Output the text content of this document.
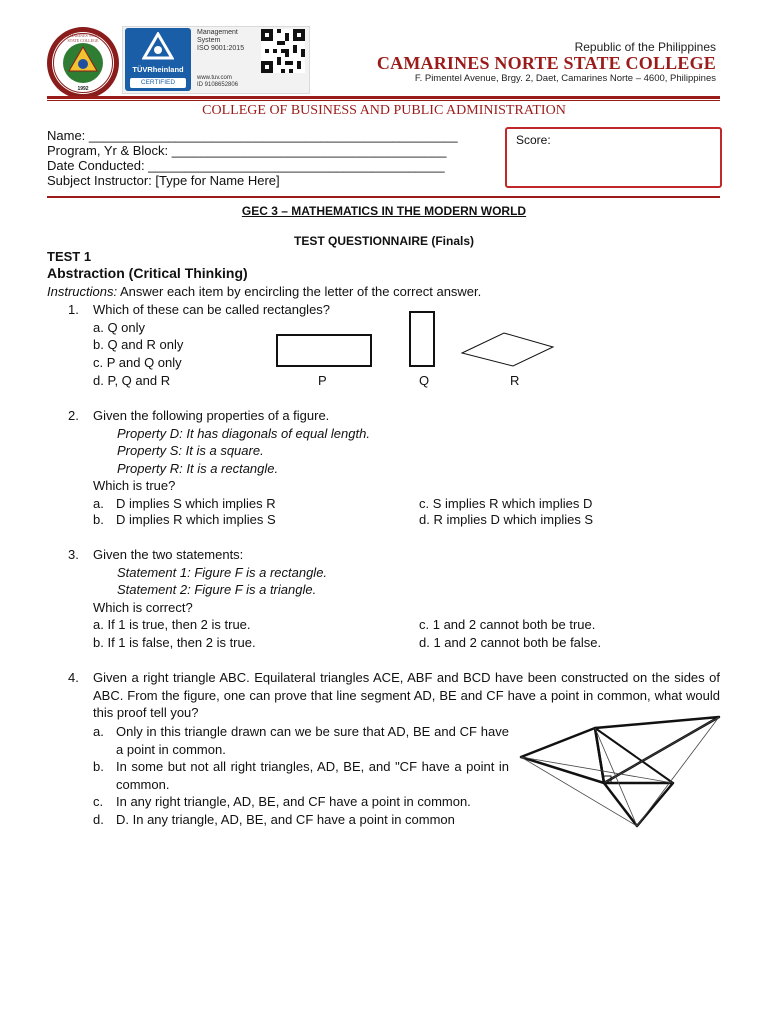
CAMARINES NORTE STATE COLLEGE
1992
TÜVRheinland
CERTIFIED
Management
System
ISO 9001:2015
www.tuv.com
ID 9108652806
Republic of the Philippines
CAMARINES NORTE STATE COLLEGE
F. Pimentel Avenue, Brgy. 2, Daet, Camarines Norte – 4600, Philippines
COLLEGE OF BUSINESS AND PUBLIC ADMINISTRATION
Name: ___________________________________________________
Program, Yr & Block: ______________________________________
Date Conducted: _________________________________________
Subject Instructor: [Type for Name Here]
Score:
GEC 3 – MATHEMATICS IN THE MODERN WORLD
TEST QUESTIONNAIRE (Finals)
TEST 1
Abstraction (Critical Thinking)
Instructions: Answer each item by encircling the letter of the correct answer.
1. Which of these can be called rectangles?
a. Q only
b. Q and R only
c. P and Q only
d. P, Q and R	P	Q	R
2. Given the following properties of a figure.
Property D: It has diagonals of equal length.
Property S: It is a square.
Property R: It is a rectangle.
Which is true?
a. D implies S which implies R
b. D implies R which implies S
c. S implies R which implies D
d. R implies D which implies S
3. Given the two statements:
Statement 1: Figure F is a rectangle.
Statement 2: Figure F is a triangle.
Which is correct?
a. If 1 is true, then 2 is true.
b. If 1 is false, then 2 is true.
c. 1 and 2 cannot both be true.
d. 1 and 2 cannot both be false.
4. Given a right triangle ABC. Equilateral triangles ACE, ABF and BCD have been constructed on the sides of ABC. From the figure, one can prove that line segment AD, BE and CF have a point in common, what would this proof tell you?
a. Only in this triangle drawn can we be sure that AD, BE and CF have a point in common.
b. In some but not all right triangles, AD, BE, and "CF have a point in common.
c. In any right triangle, AD, BE, and CF have a point in common.
d. D. In any triangle, AD, BE, and CF have a point in common
